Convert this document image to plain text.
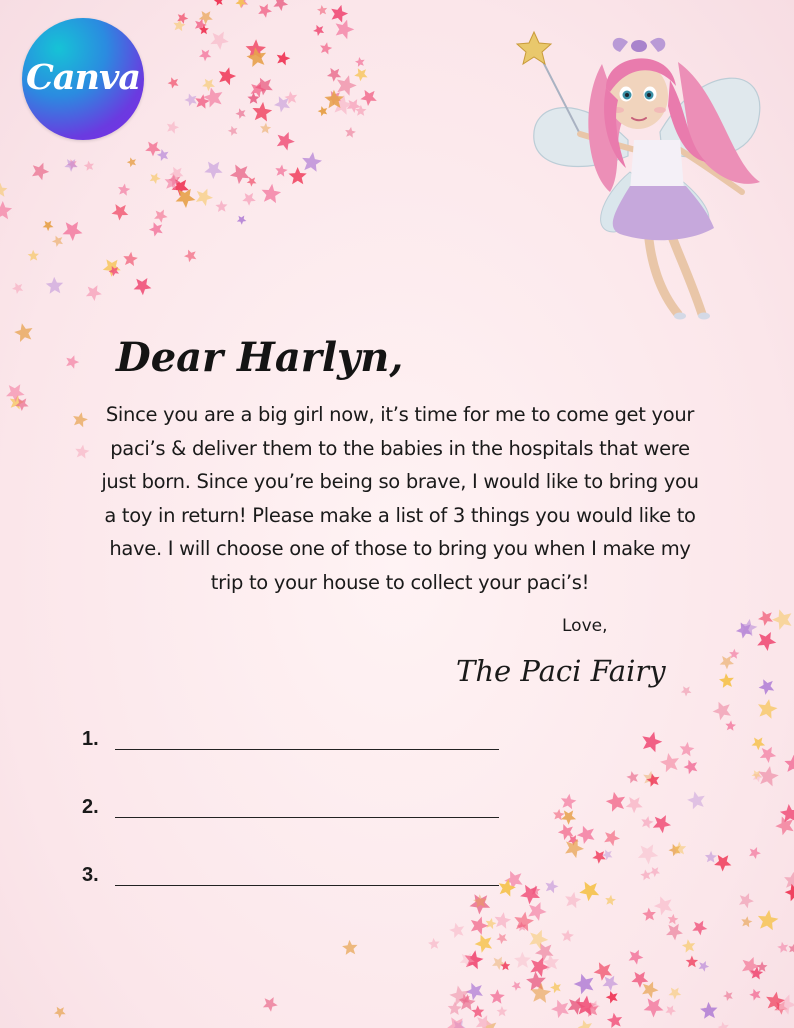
Canva
Dear Harlyn,
Since you are a big girl now, it’s time for me to come get your
paci’s & deliver them to the babies in the hospitals that were
just born. Since you’re being so brave, I would like to bring you
a toy in return! Please make a list of 3 things you would like to
have. I will choose one of those to bring you when I make my
trip to your house to collect your paci’s!
Love,
The Paci Fairy
1.
2.
3.
